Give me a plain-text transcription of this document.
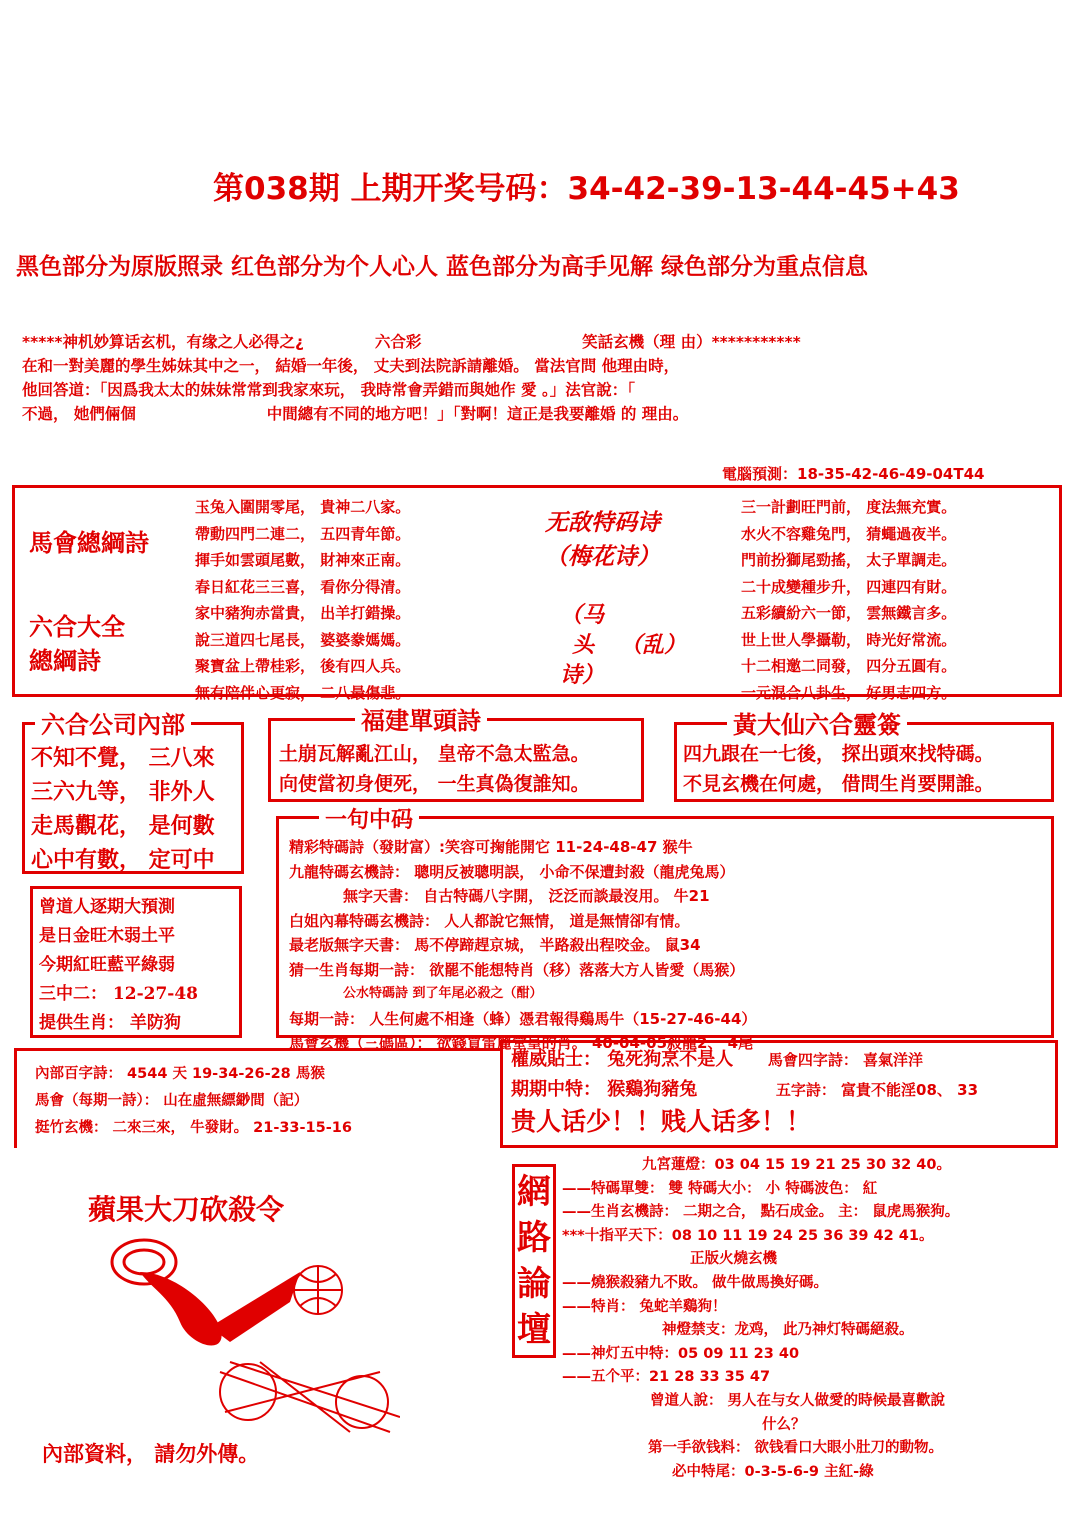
第038期 上期开奖号码：34-42-39-13-44-45+43
黑色部分为原版照录 红色部分为个人心人 蓝色部分为高手见解 绿色部分为重点信息
*****神机妙算话玄机，有缘之人必得之¿	六合彩	笑話玄機（理 由）***********
在和一對美麗的學生姊妹其中之一， 結婚一年後， 丈夫到法院訴請離婚。 當法官問 他理由時，
他回答道：「因爲我太太的妹妹常常到我家來玩， 我時常會弄錯而與她作 愛 。」法官說：「
不過， 她們倆個	中間總有不同的地方吧！」「對啊！這正是我要離婚 的 理由。
電腦預測：18-35-42-46-49-04T44
馬會總綱詩
六合大全
總綱詩
玉兔入圍開零尾， 貴神二八家。
帶動四門二連二， 五四青年節。
揮手如雲頭尾數， 財神來正南。
春日紅花三三喜， 看你分得清。
家中豬狗赤當貴， 出羊打錯操。
說三道四七尾長， 婆婆豢媽媽。
聚寶盆上帶桂彩， 後有四人兵。
無有陪伴心更寂， 二八最傷悲。
无敌特码诗
（梅花诗）
（马
头
诗）
（乱）
三一計劃旺門前， 度法無充實。
水火不容雞兔門， 猜蠅過夜半。
門前扮獅尾勁搖， 太子單調走。
二十成變種步升， 四連四有財。
五彩續紛六一節， 雲無鐵言多。
世上世人學攝勒， 時光好常流。
十二相邀二同發， 四分五圓有。
一元混合八卦生， 好男志四方。
六合公司內部
不知不覺， 三八來
三六九等， 非外人
走馬觀花， 是何數
心中有數， 定可中
福建單頭詩
土崩瓦解亂江山， 皇帝不急太監急。
向使當初身便死， 一生真偽復誰知。
黃大仙六合靈簽
四九跟在一七後， 探出頭來找特碼。
不見玄機在何處， 借問生肖要開誰。
一句中码
精彩特碼詩（發財富）:笑容可掬能開它 11-24-48-47 猴牛
九龍特碼玄機詩： 聰明反被聰明誤， 小命不保遭封殺（龍虎兔馬）
無字天書： 自古特碼八字開， 泛泛而談最沒用。 牛21
白姐內幕特碼玄機詩： 人人都說它無情， 道是無情卻有情。
最老版無字天書： 馬不停蹄趕京城， 半路殺出程咬金。 鼠34
猜一生肖每期一詩： 欲罷不能想特肖（移）落落大方人皆愛（馬猴）
公水特碼詩 到了年尾必殺之（酣）
每期一詩： 人生何處不相逢（蜂）憑君報得鷄馬牛（15-27-46-44）
馬會玄機（三碼區）： 欲錢買雷麗堂皇的肖。 40-04-05殺龍2、 4尾
曾道人逐期大預測
是日金旺木弱土平
今期紅旺藍平綠弱
三中二： 12-27-48
提供生肖： 羊防狗
內部百字詩： 4544 天 19-34-26-28 馬猴
馬會（每期一詩）： 山在虛無縹緲間（記）
挺竹玄機： 二來三來， 牛發財。 21-33-15-16
權威貼士： 兔死狗烹不是人 馬會四字詩： 喜氣洋洋
期期中特： 猴鷄狗豬兔	五字詩： 富貴不能淫08、 33
贵人话少！！贱人话多！！
蘋果大刀砍殺令
內部資料， 請勿外傳。
網
路
論
壇
九宮蓮燈：03 04 15 19 21 25 30 32 40。
——特碼單雙： 雙 特碼大小： 小 特碼波色： 紅
——生肖玄機詩： 二期之合， 點石成金。 主： 鼠虎馬猴狗。
***十指平天下：08 10 11 19 24 25 36 39 42 41。
正版火燒玄機
——燒猴殺豬九不敗。 做牛做馬換好碼。
——特肖： 兔蛇羊鷄狗！
神燈禁支：龙鸡， 此乃神灯特碼絕殺。
——神灯五中特：05 09 11 23 40
——五个平：21 28 33 35 47
曾道人說： 男人在与女人做愛的時候最喜歡說
什么？
第一手欲钱料： 欲钱看口大眼小肚刀的動物。
必中特尾：0-3-5-6-9 主紅-綠
